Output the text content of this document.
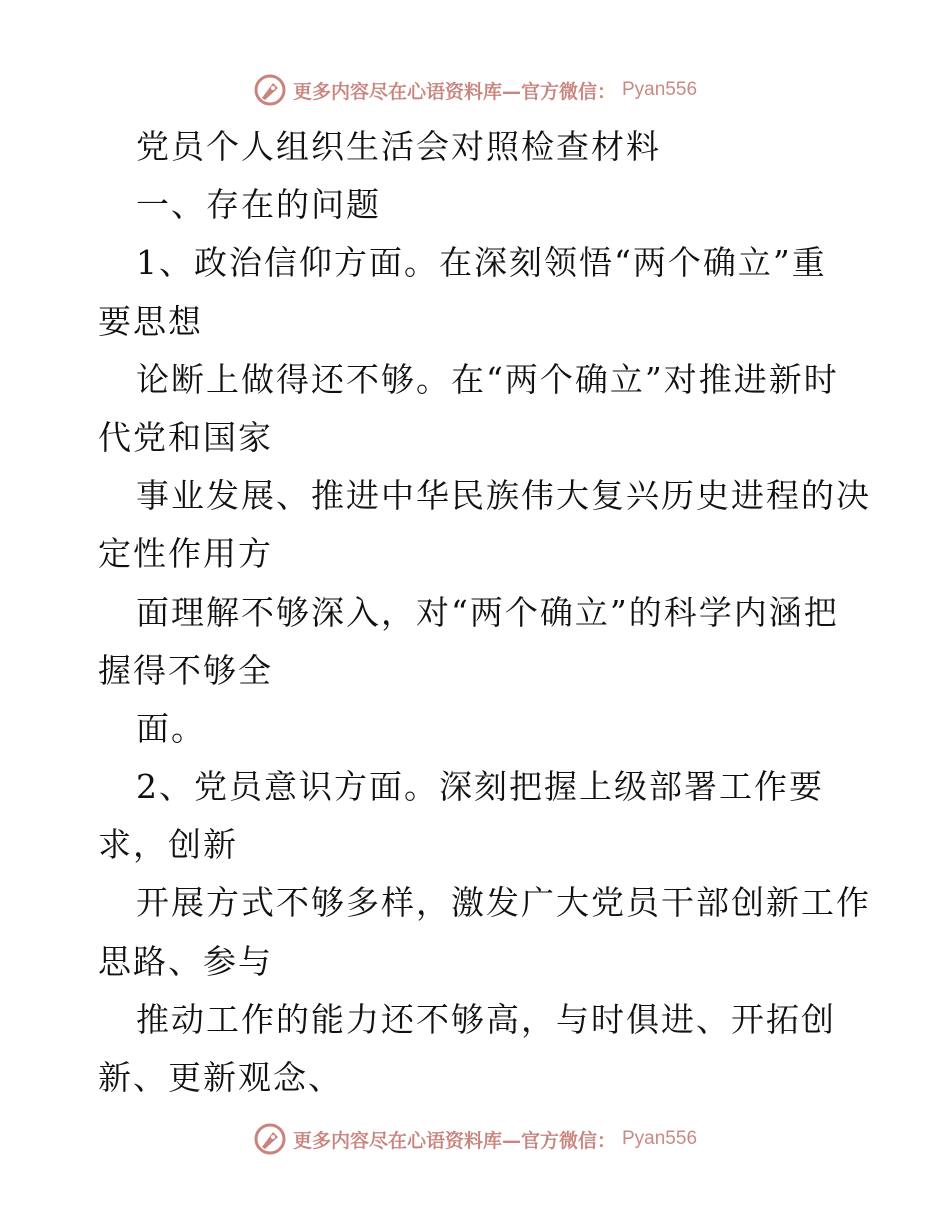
更多内容尽在心语资料库—官方微信： Pyan556
党员个人组织生活会对照检查材料
一、存在的问题
1、政治信仰方面。在深刻领悟“两个确立”重
要思想
论断上做得还不够。在“两个确立”对推进新时
代党和国家
事业发展、推进中华民族伟大复兴历史进程的决
定性作用方
面理解不够深入，对“两个确立”的科学内涵把
握得不够全
面。
2、党员意识方面。深刻把握上级部署工作要
求，创新
开展方式不够多样，激发广大党员干部创新工作
思路、参与
推动工作的能力还不够高，与时俱进、开拓创
新、更新观念、
更多内容尽在心语资料库—官方微信： Pyan556
